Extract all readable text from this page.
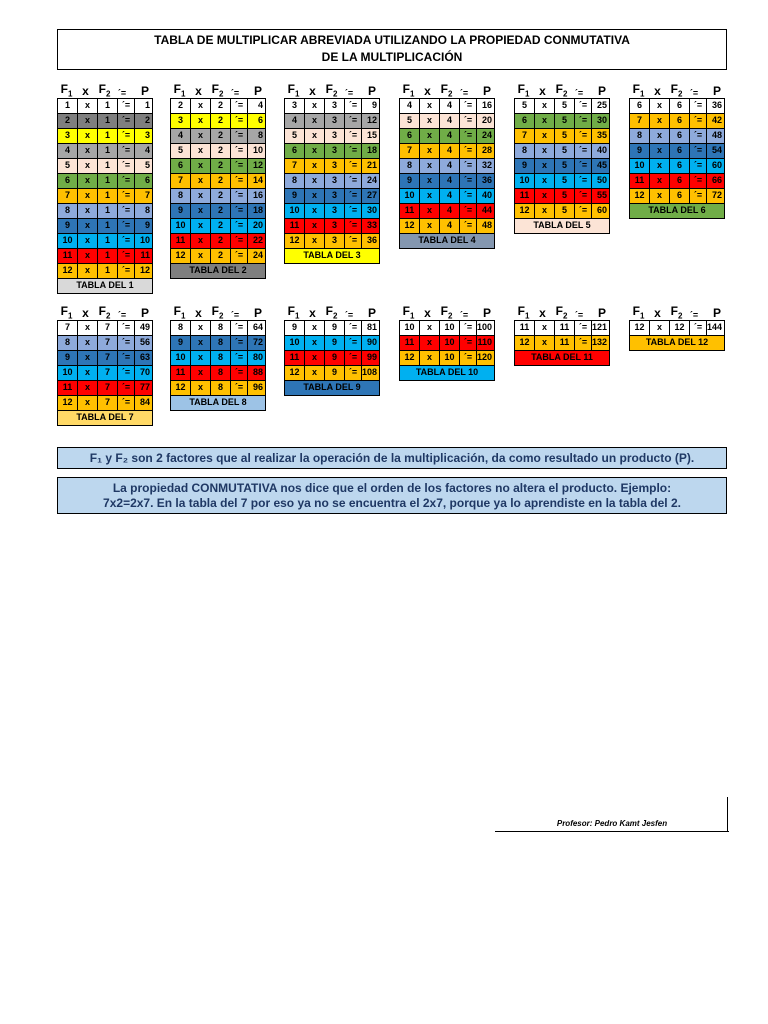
TABLA DE MULTIPLICAR ABREVIADA UTILIZANDO LA PROPIEDAD CONMUTATIVA
DE LA MULTIPLICACIÓN
$F_1$ x $F_2$ ´=	P
1	x	1	´=	1
2	x	1	´=	2
3	x	1	´=	3
4	x	1	´=	4
5	x	1	´=	5
6	x	1	´=	6
7	x	1	´=	7
8	x	1	´=	8
9	x	1	´=	9
10	x	1	´=	10
11	x	1	´=	11
12	x	1	´=	12
TABLA DEL 1
$F_1$ x $F_2$ ´=	P
2	x	2	´=	4
3	x	2	´=	6
4	x	2	´=	8
5	x	2	´=	10
6	x	2	´=	12
7	x	2	´=	14
8	x	2	´=	16
9	x	2	´=	18
10	x	2	´=	20
11	x	2	´=	22
12	x	2	´=	24
TABLA DEL 2
$F_1$ x $F_2$ ´=	P
3	x	3	´=	9
4	x	3	´=	12
5	x	3	´=	15
6	x	3	´=	18
7	x	3	´=	21
8	x	3	´=	24
9	x	3	´=	27
10	x	3	´=	30
11	x	3	´=	33
12	x	3	´=	36
TABLA DEL 3
$F_1$ x $F_2$ ´=	P
4	x	4	´=	16
5	x	4	´=	20
6	x	4	´=	24
7	x	4	´=	28
8	x	4	´=	32
9	x	4	´=	36
10	x	4	´=	40
11	x	4	´=	44
12	x	4	´=	48
TABLA DEL 4
$F_1$ x $F_2$ ´=	P
5	x	5	´=	25
6	x	5	´=	30
7	x	5	´=	35
8	x	5	´=	40
9	x	5	´=	45
10	x	5	´=	50
11	x	5	´=	55
12	x	5	´=	60
TABLA DEL 5
$F_1$ x $F_2$ ´=	P
6	x	6	´=	36
7	x	6	´=	42
8	x	6	´=	48
9	x	6	´=	54
10	x	6	´=	60
11	x	6	´=	66
12	x	6	´=	72
TABLA DEL 6
$F_1$ x $F_2$ ´=	P
7	x	7	´=	49
8	x	7	´=	56
9	x	7	´=	63
10	x	7	´=	70
11	x	7	´=	77
12	x	7	´=	84
TABLA DEL 7
$F_1$ x $F_2$ ´=	P
8	x	8	´=	64
9	x	8	´=	72
10	x	8	´=	80
11	x	8	´=	88
12	x	8	´=	96
TABLA DEL 8
$F_1$ x $F_2$ ´=	P
9	x	9	´=	81
10	x	9	´=	90
11	x	9	´=	99
12	x	9	´= 108
TABLA DEL 9
$F_1$ x $F_2$ ´=	P
10	x	10	´= 100
11	x	10	´= 110
12	x	10	´= 120
TABLA DEL 10
$F_1$ x $F_2$ ´=	P
11	x	11	´= 121
12	x	11	´= 132
TABLA DEL 11
$F_1$ x $F_2$ ´=	P
12	x	12	´= 144
TABLA DEL 12
F₁ y F₂ son 2 factores que al realizar la operación de la multiplicación, da como resultado un producto (P).
La propiedad CONMUTATIVA nos dice que el orden de los factores no altera el producto. Ejemplo:
7x2=2x7. En la tabla del 7 por eso ya no se encuentra el 2x7, porque ya lo aprendiste en la tabla del 2.
Profesor: Pedro Kamt Jesfen
